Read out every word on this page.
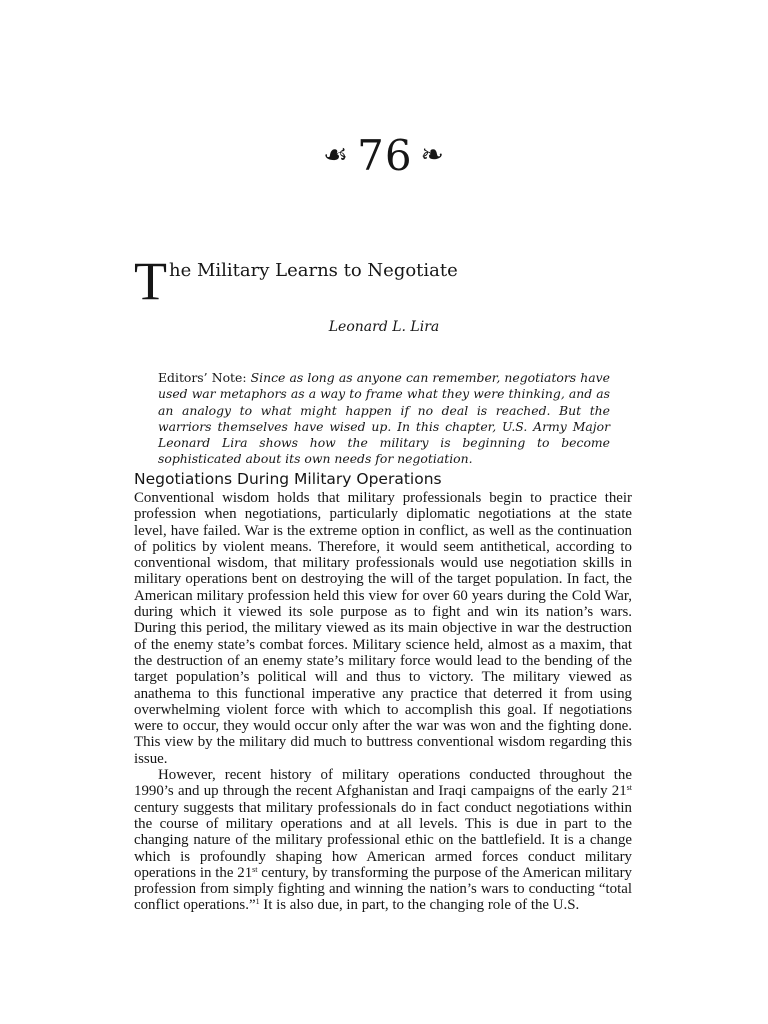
☙ 76 ❧
T he Military Learns to Negotiate
Leonard L. Lira
Editors’ Note: Since as long as anyone can remember, negotiators have used war metaphors as a way to frame what they were thinking, and as an analogy to what might happen if no deal is reached. But the warriors themselves have wised up. In this chapter, U.S. Army Major Leonard Lira shows how the military is beginning to become sophisticated about its own needs for negotiation.
Negotiations During Military Operations

Conventional wisdom holds that military professionals begin to practice their profession when negotiations, particularly diplomatic negotiations at the state level, have failed. War is the extreme option in conflict, as well as the continuation of politics by violent means. Therefore, it would seem antithetical, according to conventional wisdom, that military professionals would use negotiation skills in military operations bent on destroying the will of the target population. In fact, the American military profession held this view for over 60 years during the Cold War, during which it viewed its sole purpose as to fight and win its nation’s wars. During this period, the military viewed as its main objective in war the destruction of the enemy state’s combat forces. Military science held, almost as a maxim, that the destruction of an enemy state’s military force would lead to the bending of the target population’s political will and thus to victory. The military viewed as anathema to this functional imperative any practice that deterred it from using overwhelming violent force with which to accomplish this goal. If negotiations were to occur, they would occur only after the war was won and the fighting done. This view by the military did much to buttress conventional wisdom regarding this issue.

However, recent history of military operations conducted throughout the 1990’s and up through the recent Afghanistan and Iraqi campaigns of the early 21st century suggests that military professionals do in fact conduct negotiations within the course of military operations and at all levels. This is due in part to the changing nature of the military professional ethic on the battlefield. It is a change which is profoundly shaping how American armed forces conduct military operations in the 21st century, by transforming the purpose of the American military profession from simply fighting and winning the nation’s wars to conducting “total conflict operations.”$^1$ It is also due, in part, to the changing role of the U.S.
